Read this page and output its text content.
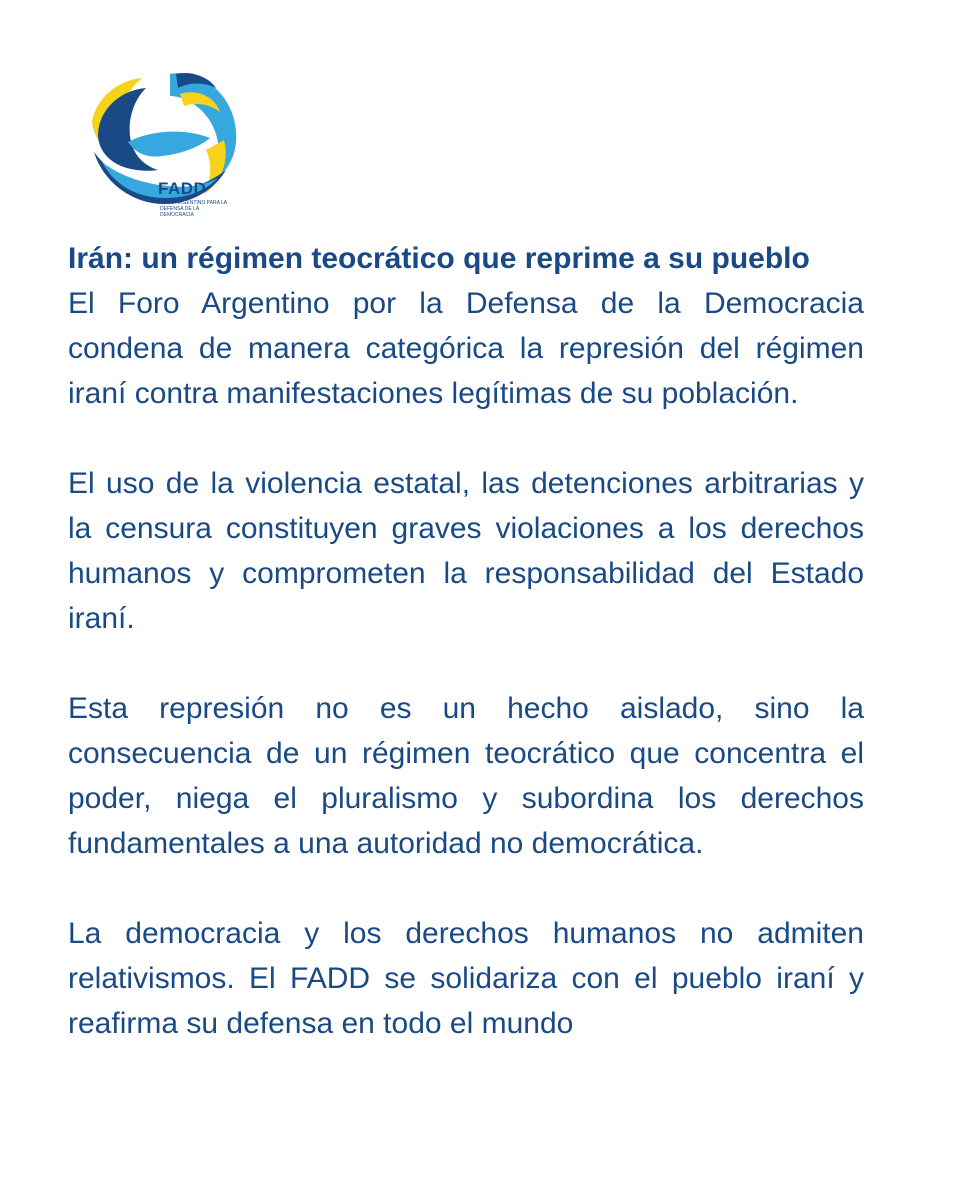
FADD
FORO ARGENTINO PARA LA DEFENSA DE LA DEMOCRACIA
Irán: un régimen teocrático que reprime a su pueblo

El Foro Argentino por la Defensa de la Democracia condena de manera categórica la represión del régimen iraní contra manifestaciones legítimas de su población.

El uso de la violencia estatal, las detenciones arbitrarias y la censura constituyen graves violaciones a los derechos humanos y comprometen la responsabilidad del Estado iraní.

Esta represión no es un hecho aislado, sino la consecuencia de un régimen teocrático que concentra el poder, niega el pluralismo y subordina los derechos fundamentales a una autoridad no democrática.

La democracia y los derechos humanos no admiten relativismos. El FADD se solidariza con el pueblo iraní y reafirma su defensa en todo el mundo
